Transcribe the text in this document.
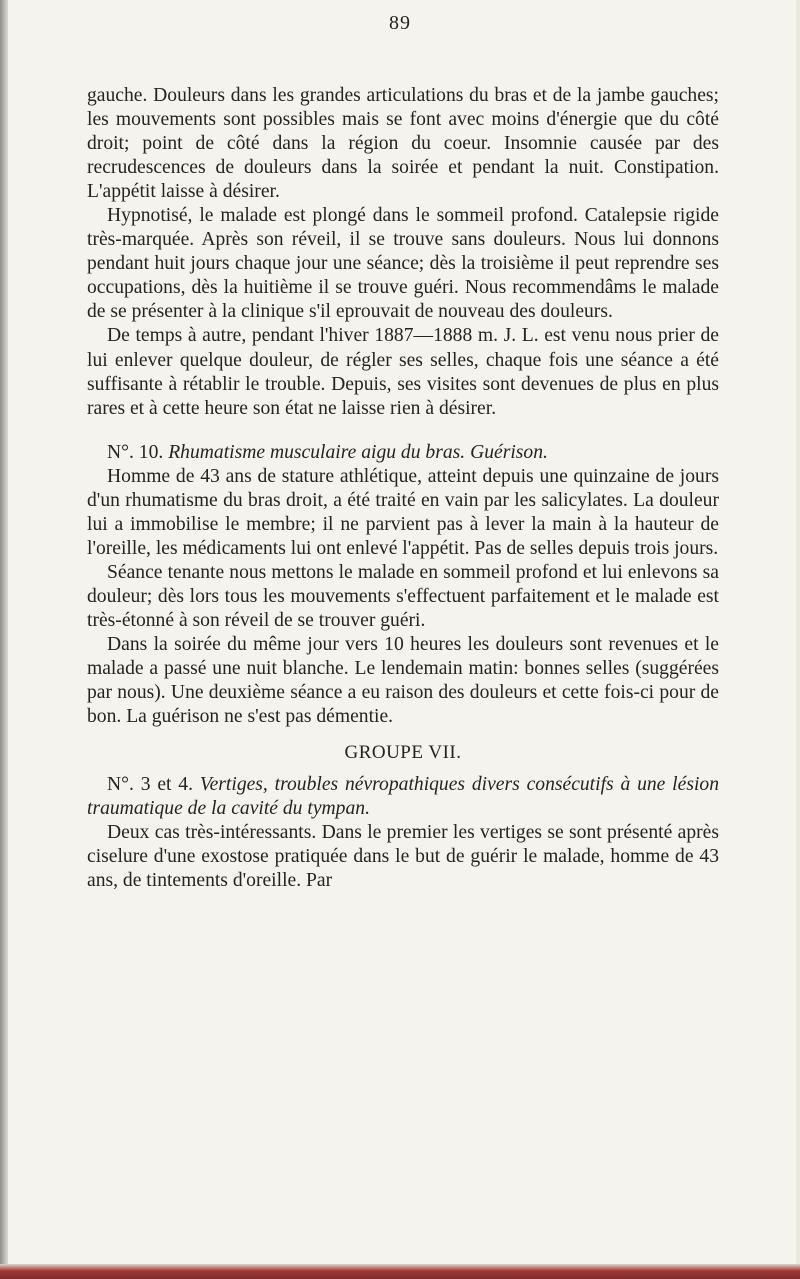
89

gauche. Douleurs dans les grandes articulations du bras et de la jambe gauches; les mouvements sont possibles mais se font avec moins d'énergie que du côté droit; point de côté dans la région du coeur. Insomnie causée par des recrudescences de douleurs dans la soirée et pendant la nuit. Constipation. L'appétit laisse à désirer.

Hypnotisé, le malade est plongé dans le sommeil profond. Catalepsie rigide très-marquée. Après son réveil, il se trouve sans douleurs. Nous lui donnons pendant huit jours chaque jour une séance; dès la troisième il peut reprendre ses occupations, dès la huitième il se trouve guéri. Nous recommendâms le malade de se présenter à la clinique s'il eprouvait de nouveau des douleurs.

De temps à autre, pendant l'hiver 1887—1888 m. J. L. est venu nous prier de lui enlever quelque douleur, de régler ses selles, chaque fois une séance a été suffisante à rétablir le trouble. Depuis, ses visites sont devenues de plus en plus rares et à cette heure son état ne laisse rien à désirer.

N°. 10. Rhumatisme musculaire aigu du bras. Guérison.

Homme de 43 ans de stature athlétique, atteint depuis une quinzaine de jours d'un rhumatisme du bras droit, a été traité en vain par les salicylates. La douleur lui a immobilise le membre; il ne parvient pas à lever la main à la hauteur de l'oreille, les médicaments lui ont enlevé l'appétit. Pas de selles depuis trois jours.

Séance tenante nous mettons le malade en sommeil profond et lui enlevons sa douleur; dès lors tous les mouvements s'effectuent parfaitement et le malade est très-étonné à son réveil de se trouver guéri.

Dans la soirée du même jour vers 10 heures les douleurs sont revenues et le malade a passé une nuit blanche. Le lendemain matin: bonnes selles (suggérées par nous). Une deuxième séance a eu raison des douleurs et cette fois-ci pour de bon. La guérison ne s'est pas démentie.

GROUPE VII.

N°. 3 et 4. Vertiges, troubles névropathiques divers consécutifs à une lésion traumatique de la cavité du tympan.

Deux cas très-intéressants. Dans le premier les vertiges se sont présenté après ciselure d'une exostose pratiquée dans le but de guérir le malade, homme de 43 ans, de tintements d'oreille. Par
